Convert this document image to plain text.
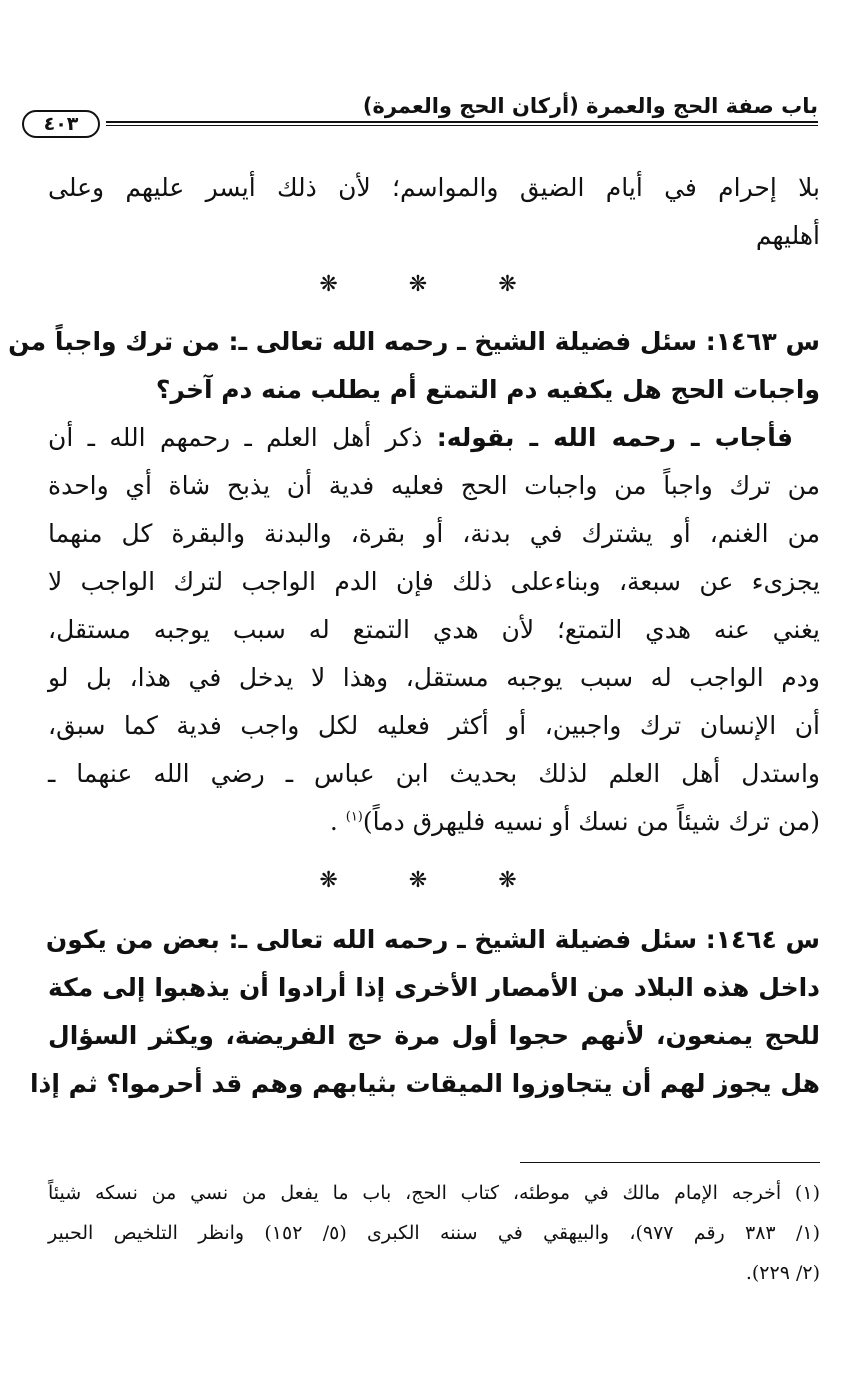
باب صفة الحج والعمرة (أركان الحج والعمرة)
٤٠٣
بلا إحرام في أيام الضيق والمواسم؛ لأن ذلك أيسر عليهم وعلى
أهليهم
❋ ❋ ❋
س ١٤٦٣: سئل فضيلة الشيخ ـ رحمه الله تعالى ـ: من ترك واجباً من
واجبات الحج هل يكفيه دم التمتع أم يطلب منه دم آخر؟
فأجاب ـ رحمه الله ـ بقوله: ذكر أهل العلم ـ رحمهم الله ـ أن
من ترك واجباً من واجبات الحج فعليه فدية أن يذبح شاة أي واحدة
من الغنم، أو يشترك في بدنة، أو بقرة، والبدنة والبقرة كل منهما
يجزىء عن سبعة، وبناءعلى ذلك فإن الدم الواجب لترك الواجب لا
يغني عنه هدي التمتع؛ لأن هدي التمتع له سبب يوجبه مستقل،
ودم الواجب له سبب يوجبه مستقل، وهذا لا يدخل في هذا، بل لو
أن الإنسان ترك واجبين، أو أكثر فعليه لكل واجب فدية كما سبق،
واستدل أهل العلم لذلك بحديث ابن عباس ـ رضي الله عنهما ـ
(من ترك شيئاً من نسك أو نسيه فليهرق دماً)$^{(١)}$ .
❋ ❋ ❋
س ١٤٦٤: سئل فضيلة الشيخ ـ رحمه الله تعالى ـ: بعض من يكون
داخل هذه البلاد من الأمصار الأخرى إذا أرادوا أن يذهبوا إلى مكة
للحج يمنعون، لأنهم حجوا أول مرة حج الفريضة، ويكثر السؤال
هل يجوز لهم أن يتجاوزوا الميقات بثيابهم وهم قد أحرموا؟ ثم إذا
(١) أخرجه الإمام مالك في موطئه، كتاب الحج، باب ما يفعل من نسي من نسكه شيئاً
(١/ ٣٨٣ رقم ٩٧٧)، والبيهقي في سننه الكبرى (٥/ ١٥٢) وانظر التلخيص الحبير
(٢/ ٢٢٩).
